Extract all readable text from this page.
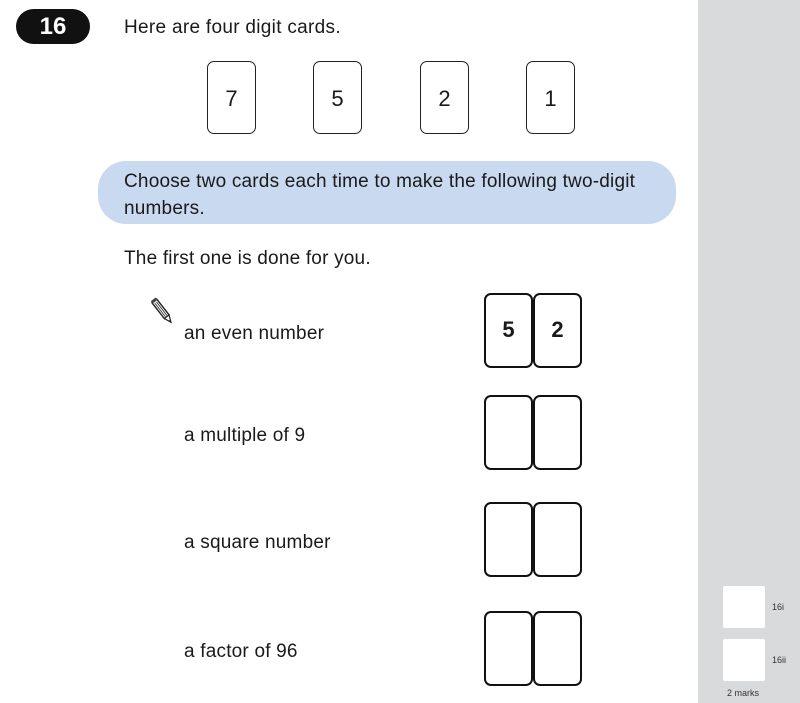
16	Here are four digit cards.
7	5	2	1
Choose two cards each time to make the following two-digit numbers.
The first one is done for you.
an even number	5	2
a multiple of 9
a square number
a factor of 96
16i
16ii
2 marks
